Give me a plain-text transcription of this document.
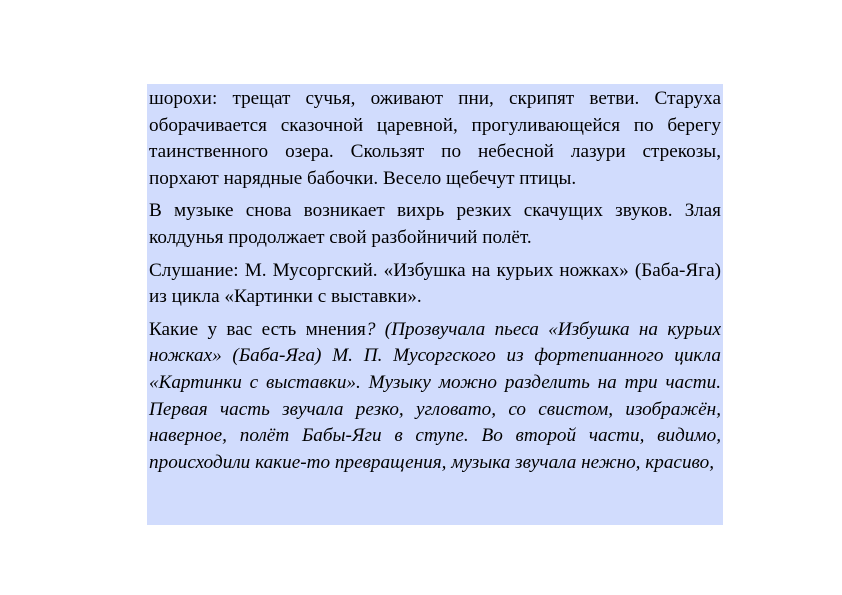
шорохи: трещат сучья, оживают пни, скрипят ветви. Старуха оборачивается сказочной царевной, прогуливающейся по берегу таинственного озера. Скользят по небесной лазури стрекозы, порхают нарядные бабочки. Весело щебечут птицы.

В музыке снова возникает вихрь резких скачущих звуков. Злая колдунья продолжает свой разбойничий полёт.

Слушание: М. Мусоргский. «Избушка на курьих ножках» (Баба-Яга) из цикла «Картинки с выставки».

Какие у вас есть мнения? (Прозвучала пьеса «Избушка на курьих ножках» (Баба-Яга) М. П. Мусоргского из фортепианного цикла «Картинки с выставки». Музыку можно разделить на три части. Первая часть звучала резко, угловато, со свистом, изображён, наверное, полёт Бабы-Яги в ступе. Во второй части, видимо, происходили какие-то превращения, музыка звучала нежно, красиво,
